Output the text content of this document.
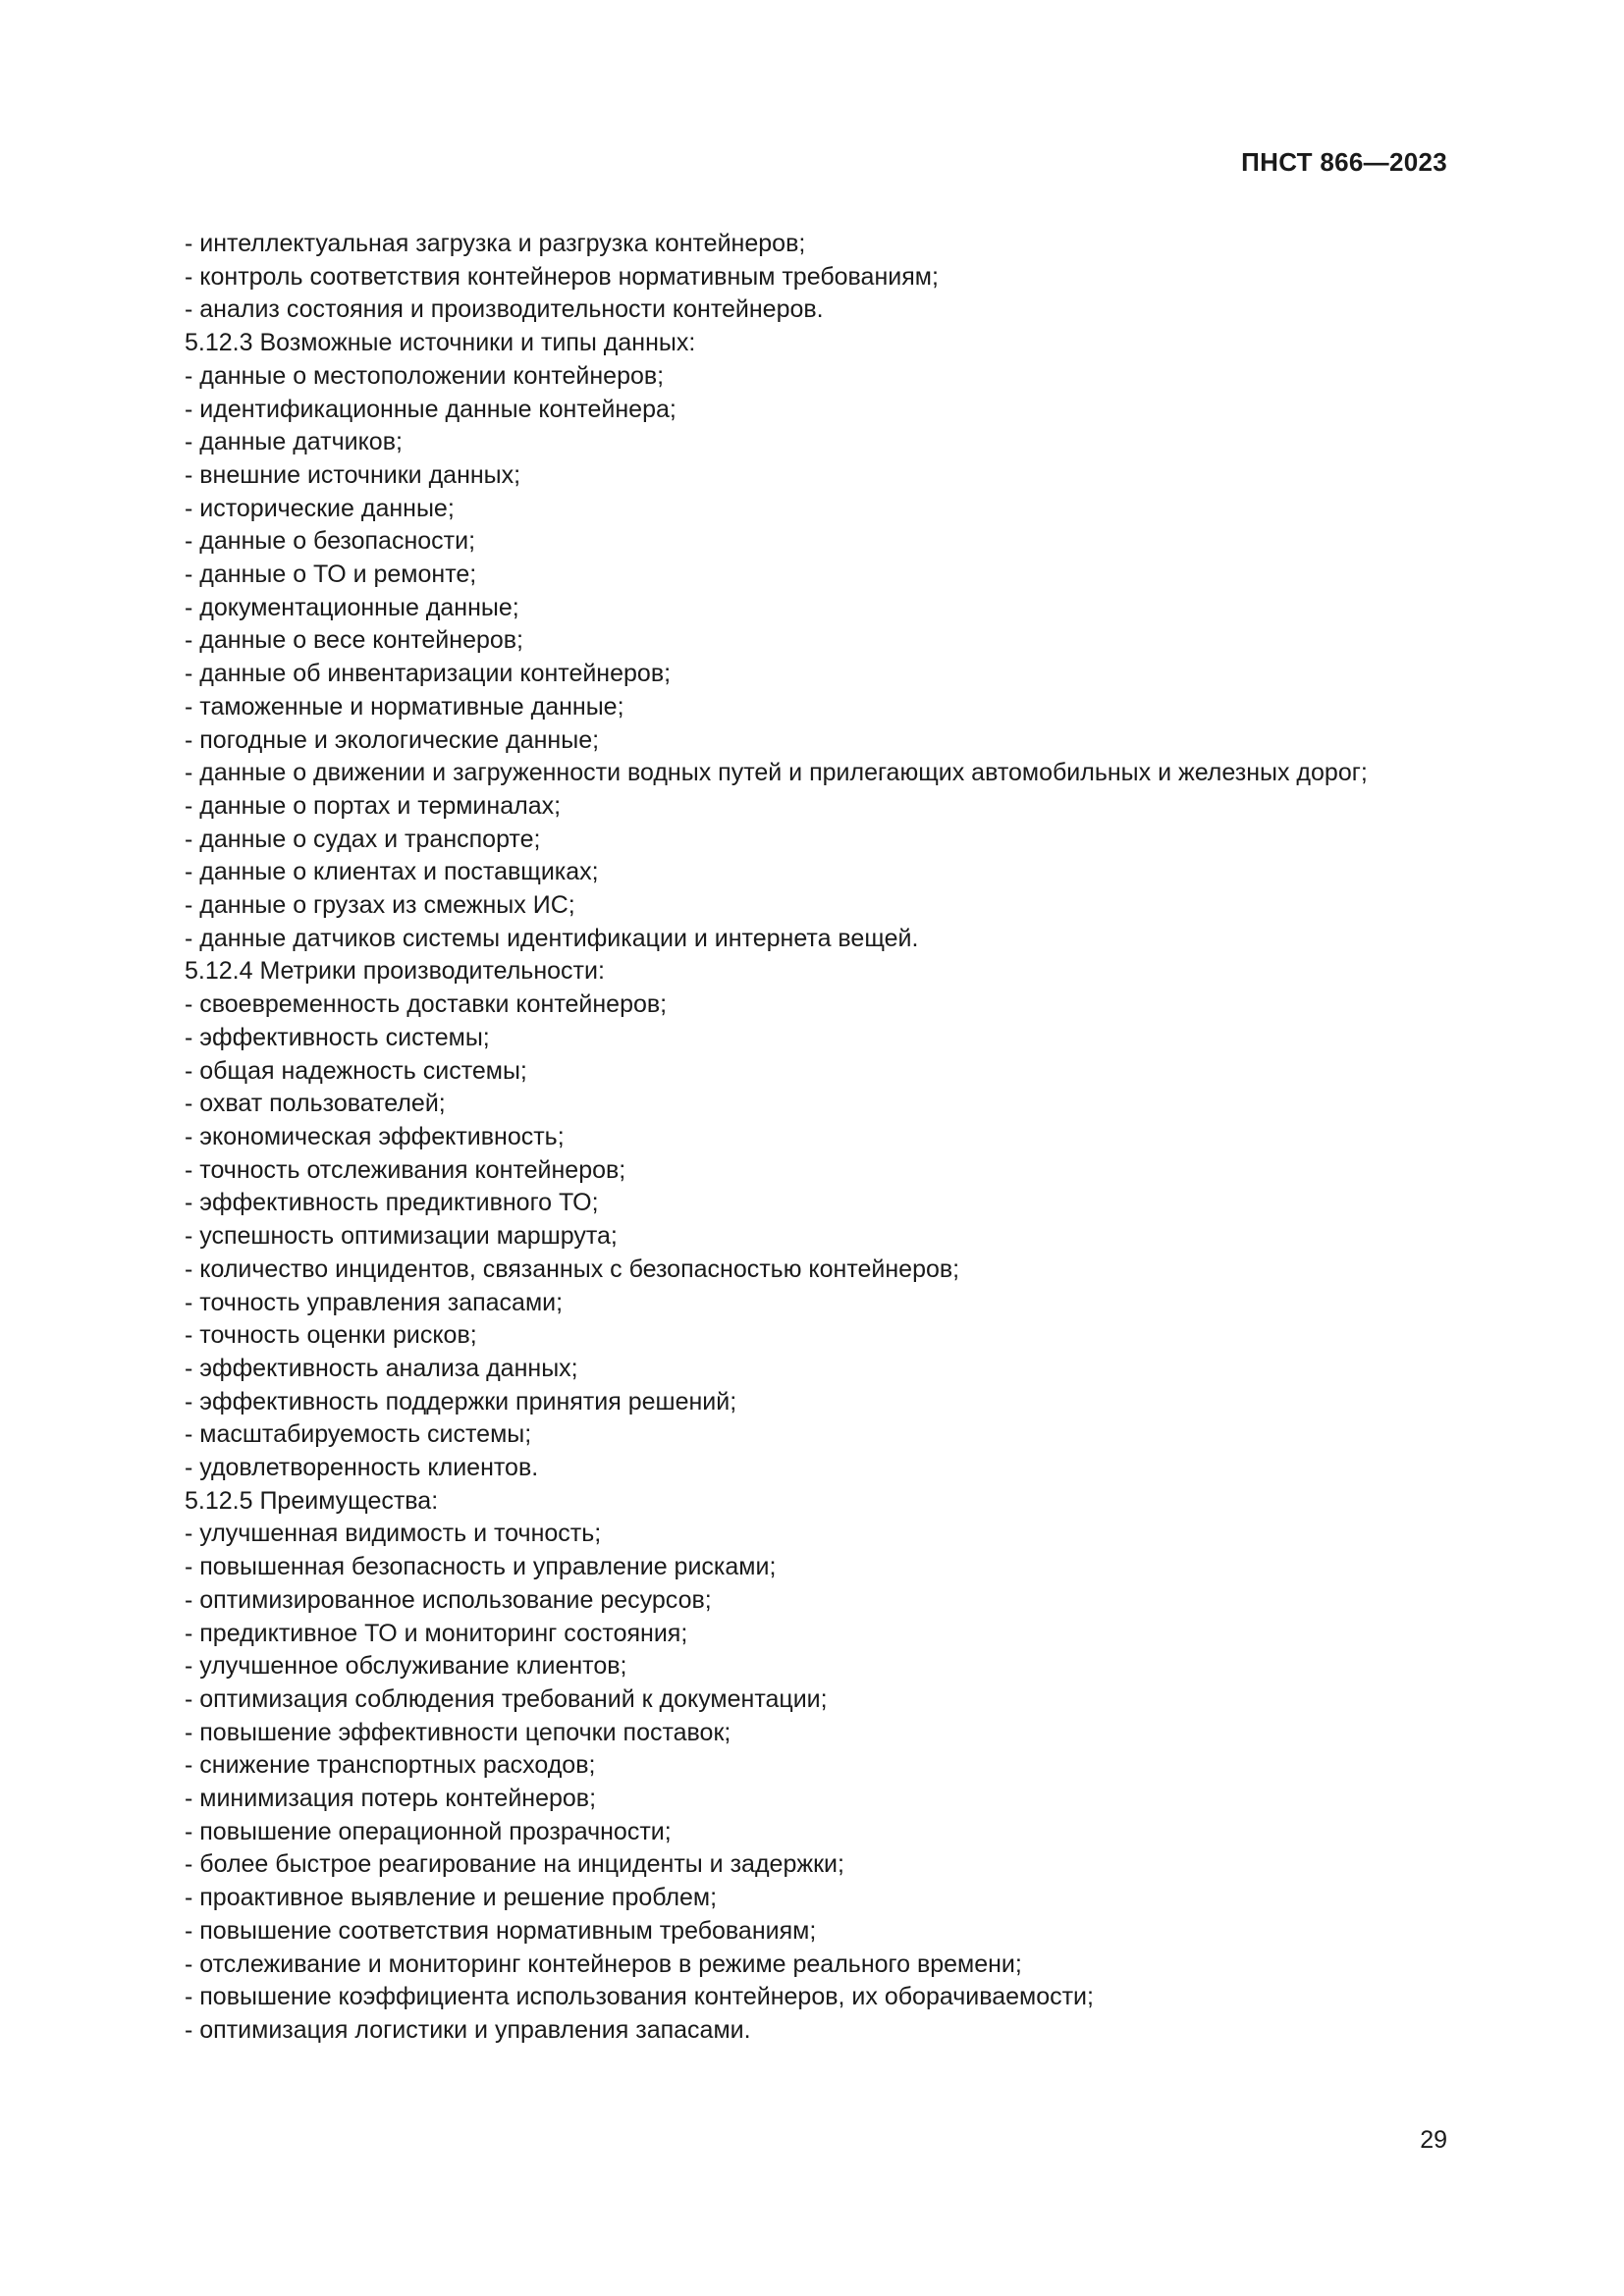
ПНСТ 866—2023
- интеллектуальная загрузка и разгрузка контейнеров;
- контроль соответствия контейнеров нормативным требованиям;
- анализ состояния и производительности контейнеров.
5.12.3 Возможные источники и типы данных:
- данные о местоположении контейнеров;
- идентификационные данные контейнера;
- данные датчиков;
- внешние источники данных;
- исторические данные;
- данные о безопасности;
- данные о ТО и ремонте;
- документационные данные;
- данные о весе контейнеров;
- данные об инвентаризации контейнеров;
- таможенные и нормативные данные;
- погодные и экологические данные;
- данные о движении и загруженности водных путей и прилегающих автомобильных и железных дорог;
- данные о портах и терминалах;
- данные о судах и транспорте;
- данные о клиентах и поставщиках;
- данные о грузах из смежных ИС;
- данные датчиков системы идентификации и интернета вещей.
5.12.4 Метрики производительности:
- своевременность доставки контейнеров;
- эффективность системы;
- общая надежность системы;
- охват пользователей;
- экономическая эффективность;
- точность отслеживания контейнеров;
- эффективность предиктивного ТО;
- успешность оптимизации маршрута;
- количество инцидентов, связанных с безопасностью контейнеров;
- точность управления запасами;
- точность оценки рисков;
- эффективность анализа данных;
- эффективность поддержки принятия решений;
- масштабируемость системы;
- удовлетворенность клиентов.
5.12.5 Преимущества:
- улучшенная видимость и точность;
- повышенная безопасность и управление рисками;
- оптимизированное использование ресурсов;
- предиктивное ТО и мониторинг состояния;
- улучшенное обслуживание клиентов;
- оптимизация соблюдения требований к документации;
- повышение эффективности цепочки поставок;
- снижение транспортных расходов;
- минимизация потерь контейнеров;
- повышение операционной прозрачности;
- более быстрое реагирование на инциденты и задержки;
- проактивное выявление и решение проблем;
- повышение соответствия нормативным требованиям;
- отслеживание и мониторинг контейнеров в режиме реального времени;
- повышение коэффициента использования контейнеров, их оборачиваемости;
- оптимизация логистики и управления запасами.
29
